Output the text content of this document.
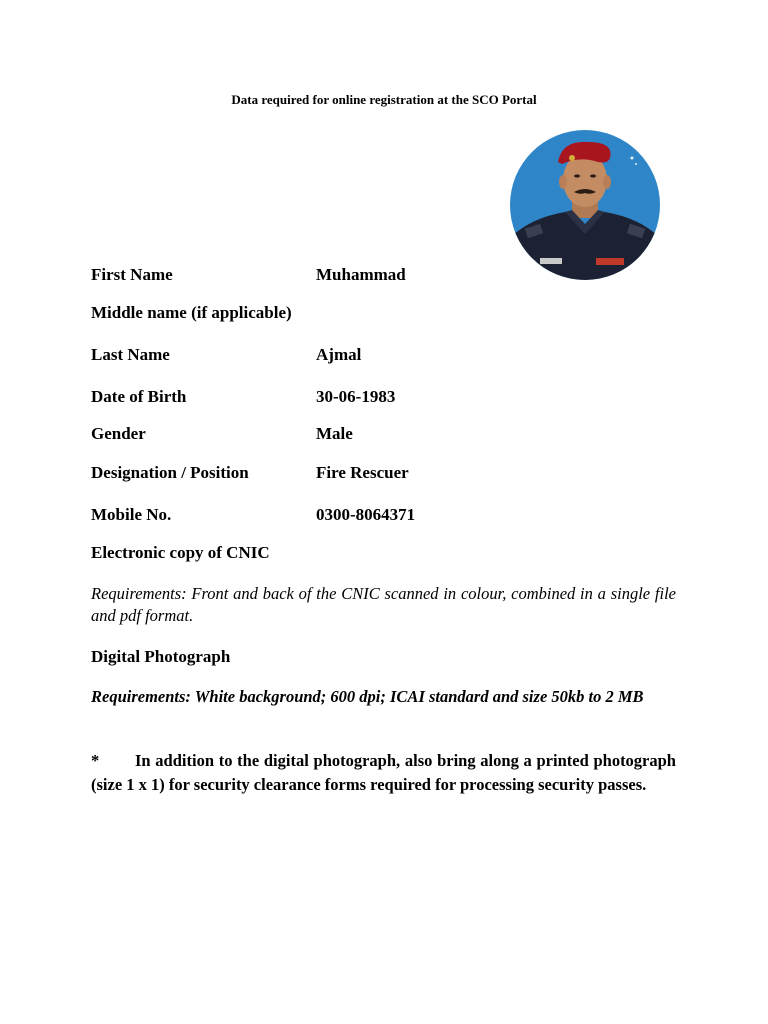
Data required for online registration at the SCO Portal
First Name	Muhammad
Middle name (if applicable)
Last Name	Ajmal
Date of Birth	30-06-1983
Gender	Male
Designation / Position	Fire Rescuer
Mobile No.	0300-8064371
Electronic copy of CNIC

Requirements: Front and back of the CNIC scanned in colour, combined in a single file and pdf format.

Digital Photograph

Requirements: White background; 600 dpi; ICAI standard and size 50kb to 2 MB

* In addition to the digital photograph, also bring along a printed photograph (size 1 x 1) for security clearance forms required for processing security passes.
